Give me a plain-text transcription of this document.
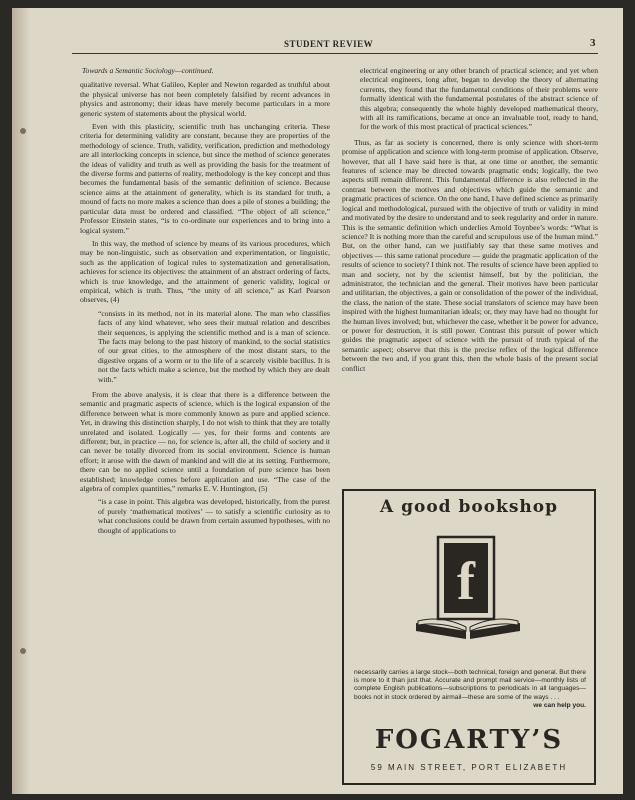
STUDENT REVIEW	3
Towards a Semantic Sociology—continued.

qualitative reversal. What Galileo, Kepler and Newton regarded as truthful about the physical universe has not been completely falsified by recent advances in physics and astronomy; their ideas have merely become particulars in a more generic system of statements about the physical world.

Even with this plasticity, scientific truth has unchanging criteria. These criteria for determining validity are constant, because they are properties of the methodology of science. Truth, validity, verification, prediction and methodology are all interlocking concepts in science, but since the method of science generates the ideas of validity and truth as well as providing the basis for the treatment of the diverse forms and patterns of reality, methodology is the key concept and thus becomes the fundamental basis of the semantic definition of science. Because science aims at the attainment of generality, which is its standard for truth, a mound of facts no more makes a science than does a pile of stones a building; the particular data must be ordered and classified. “The object of all science,” Professor Einstein states, “is to co-ordinate our experiences and to bring into a logical system.”

In this way, the method of science by means of its various procedures, which may be non-linguistic, such as observation and experimentation, or linguistic, such as the application of logical rules to systematization and generalisation, achieves for science its objectives: the attainment of an abstract ordering of facts, which is true knowledge, and the attainment of generic validity, logical or empirical, which is truth. Thus, “the unity of all science,” as Karl Pearson observes, (4)

“consists in its method, not in its material alone. The man who classifies facts of any kind whatever, who sees their mutual relation and describes their sequences, is applying the scientific method and is a man of science. The facts may belong to the past history of mankind, to the social statistics of our great cities, to the atmosphere of the most distant stars, to the digestive organs of a worm or to the life of a scarcely visible bacillus. It is not the facts which make a science, but the method by which they are dealt with.”

From the above analysis, it is clear that there is a difference between the semantic and pragmatic aspects of science, which is the logical expansion of the difference between what is more commonly known as pure and applied science. Yet, in drawing this distinction sharply, I do not wish to think that they are totally unrelated and isolated. Logically — yes, for their forms and contents are different; but, in practice — no, for science is, after all, the child of society and it can never be totally divorced from its social environment. Science is human effort; it arose with the dawn of mankind and will die at its setting. Furthermore, there can be no applied science until a foundation of pure science has been established; knowledge comes before application and use. “The case of the algebra of complex quantities,” remarks E. V. Huntington, (5)

“is a case in point. This algebra was developed, historically, from the purest of purely ‘mathematical motives’ — to satisfy a scientific curiosity as to what conclusions could be drawn from certain assumed hypotheses, with no thought of applications to

electrical engineering or any other branch of practical science; and yet when electrical engineers, long after, began to develop the theory of alternating currents, they found that the fundamental conditions of their problems were formally identical with the fundamental postulates of the abstract science of this algebra; consequently the whole highly developed mathematical theory, with all its ramifications, became at once an invaluable tool, ready to hand, for the work of this most practical of practical sciences.”

Thus, as far as society is concerned, there is only science with short-term promise of application and science with long-term promise of application. Observe, however, that all I have said here is that, at one time or another, the semantic features of science may be directed towards pragmatic ends; logically, the two aspects still remain different. This fundamental difference is also reflected in the contrast between the motives and objectives which guide the semantic and pragmatic practices of science. On the one hand, I have defined science as primarily logical and methodological, pursued with the objective of truth or validity in mind and motivated by the desire to understand and to seek regularity and order in nature. This is the semantic definition which underlies Arnold Toynbee’s words: “What is science? It is nothing more than the careful and scrupulous use of the human mind.” But, on the other hand, can we justifiably say that these same motives and objectives — this same rational procedure — guide the pragmatic application of the results of science to society? I think not. The results of science have been applied to man and society, not by the scientist himself, but by the politician, the administrator, the technician and the general. Their motives have been particular and utilitarian, the objectives, a gain or consolidation of the power of the individual, the class, the nation of the state. These social translators of science may have been inspired with the highest humanitarian ideals; or, they may have had no thought for the human lives involved; but, whichever the case, whether it be power for advance, or power for destruction, it is still power. Contrast this pursuit of power which guides the pragmatic aspect of science with the pursuit of truth typical of the semantic aspect; observe that this is the precise reflex of the logical difference between the two and, if you grant this, then the whole basis of the present social conflict

A good bookshop
f
necessarily carries a large stock—both technical, foreign and general. But there is more to it than just that. Accurate and prompt mail service—monthly lists of complete English publications—subscriptions to periodicals in all languages—books not in stock ordered by airmail—these are some of the ways . . .
we can help you.
FOGARTY’S
59 MAIN STREET, PORT ELIZABETH
